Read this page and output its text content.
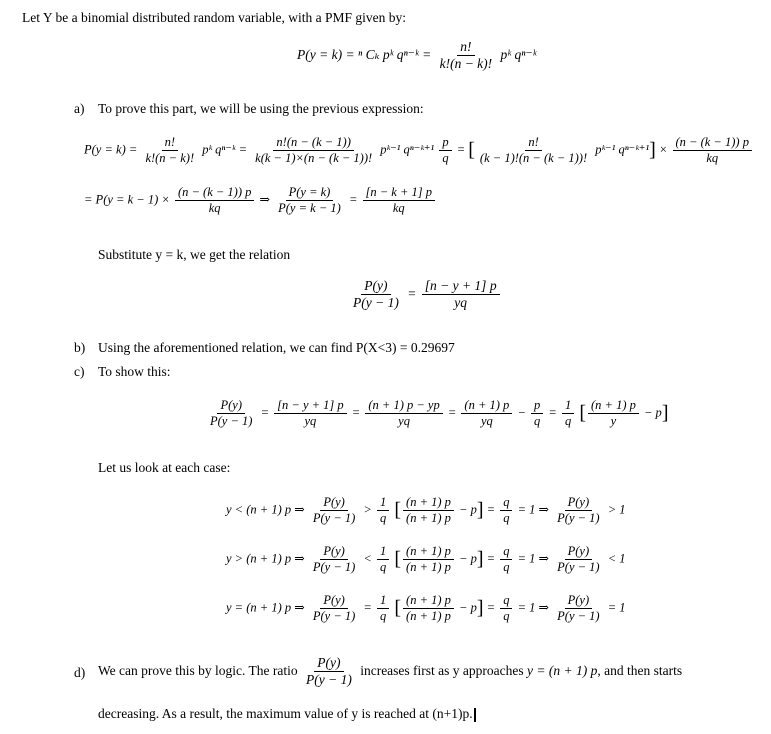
Let Y be a binomial distributed random variable, with a PMF given by:
P(y = k) = ⁿ Cₖ pᵏ qⁿ⁻ᵏ = $\frac{n!}{k!(n - k)!}$ pᵏ qⁿ⁻ᵏ
a) To prove this part, we will be using the previous expression:
$P(y = k) = \frac{n!}{k!(n - k)!}$ pᵏ qⁿ⁻ᵏ = $\frac{n!(n - (k - 1))}{k(k - 1)\times(n - (k - 1))!}$ pᵏ⁻¹ qⁿ⁻ᵏ⁺¹ $\frac{p}{q}$ = [ $\frac{n!}{(k - 1)!(n - (k - 1))!}$ pᵏ⁻¹ qⁿ⁻ᵏ⁺¹] × $\frac{(n - (k - 1)) p}{kq}$
= $P(y = k - 1) \times \frac{(n - (k - 1)) p}{kq}$ ⇒ $\frac{P(y = k)}{P(y = k - 1)} = \frac{[n - k + 1] p}{kq}$
Substitute y = k, we get the relation
$\frac{P(y)}{P(y - 1)} = \frac{[n - y + 1] p}{yq}$
b) Using the aforementioned relation, we can find P(X<3) = 0.29697
c) To show this:
$\frac{P(y)}{P(y - 1)} = \frac{[n - y + 1] p}{yq} = \frac{(n + 1) p - yp}{yq} = \frac{(n + 1) p}{yq} - \frac{p}{q} = \frac{1}{q}$ [ $\frac{(n + 1) p}{y} - p$]
Let us look at each case:
y < (n + 1) p ⇒ $\frac{P(y)}{P(y - 1)} > \frac{1}{q}$ [ $\frac{(n + 1) p}{(n + 1) p} - p] = \frac{q}{q} = 1$ ⇒ $\frac{P(y)}{P(y - 1)} > 1$
y > (n + 1) p ⇒ $\frac{P(y)}{P(y - 1)} < \frac{1}{q}$ [ $\frac{(n + 1) p}{(n + 1) p} - p] = \frac{q}{q} = 1$ ⇒ $\frac{P(y)}{P(y - 1)} < 1$
y = (n + 1) p ⇒ $\frac{P(y)}{P(y - 1)} = \frac{1}{q}$ [ $\frac{(n + 1) p}{(n + 1) p} - p] = \frac{q}{q} = 1$ ⇒ $\frac{P(y)}{P(y - 1)} = 1$
d) We can prove this by logic. The ratio $\frac{P(y)}{P(y - 1)}$ increases first as y approaches y = (n + 1) p, and then starts
decreasing. As a result, the maximum value of y is reached at (n+1)p.
